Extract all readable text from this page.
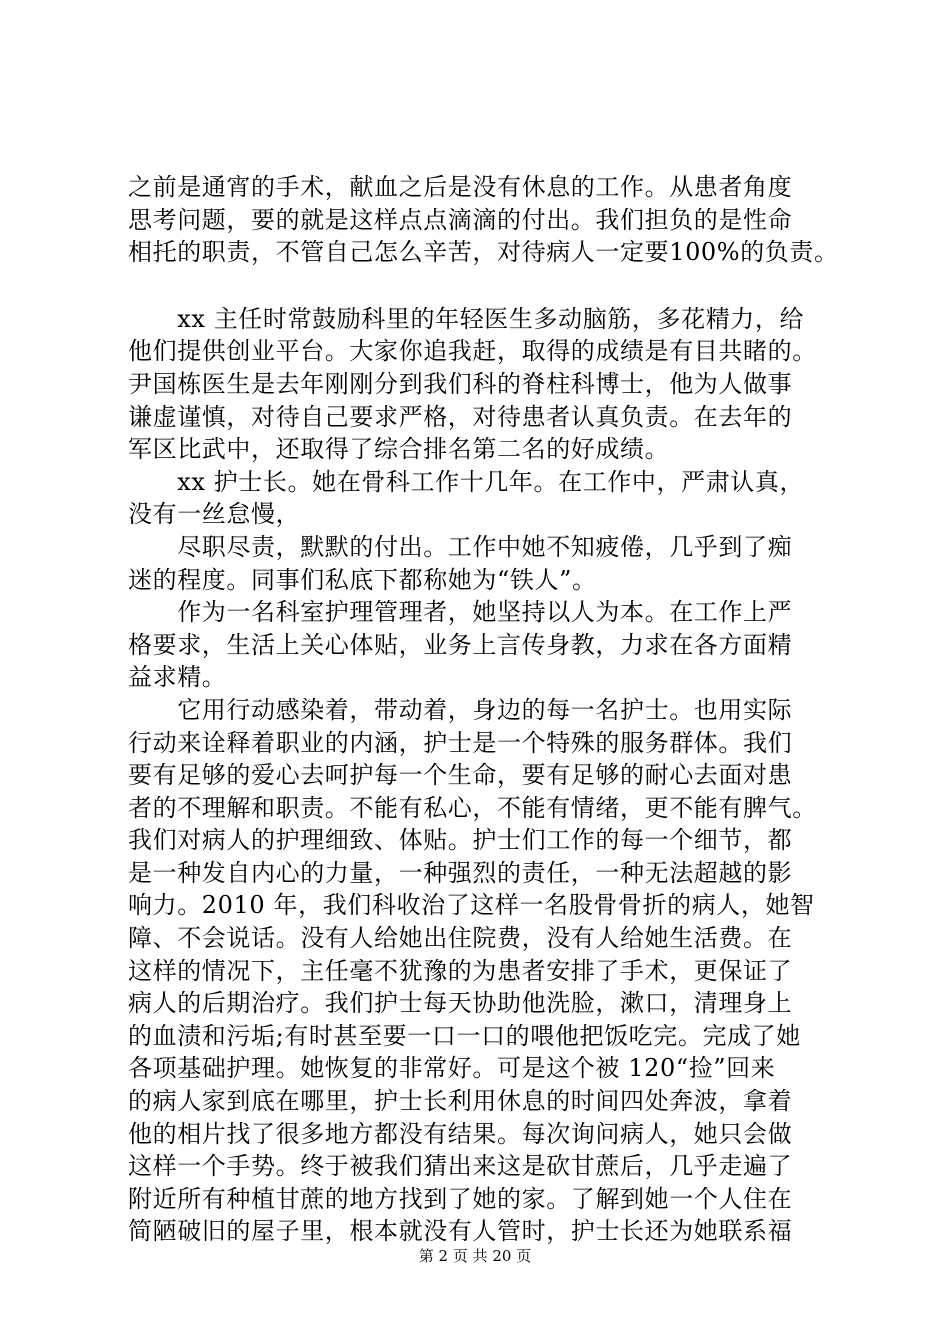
之前是通宵的手术，献血之后是没有休息的工作。从患者角度
思考问题，要的就是这样点点滴滴的付出。我们担负的是性命
相托的职责，不管自己怎么辛苦，对待病人一定要100%的负责。
　　xx 主任时常鼓励科里的年轻医生多动脑筋，多花精力，给
他们提供创业平台。大家你追我赶，取得的成绩是有目共睹的。
尹国栋医生是去年刚刚分到我们科的脊柱科博士，他为人做事
谦虚谨慎，对待自己要求严格，对待患者认真负责。在去年的
军区比武中，还取得了综合排名第二名的好成绩。
　　xx 护士长。她在骨科工作十几年。在工作中，严肃认真，
没有一丝怠慢，
　　尽职尽责，默默的付出。工作中她不知疲倦，几乎到了痴
迷的程度。同事们私底下都称她为“铁人”。
　　作为一名科室护理管理者，她坚持以人为本。在工作上严
格要求，生活上关心体贴，业务上言传身教，力求在各方面精
益求精。
　　它用行动感染着，带动着，身边的每一名护士。也用实际
行动来诠释着职业的内涵，护士是一个特殊的服务群体。我们
要有足够的爱心去呵护每一个生命，要有足够的耐心去面对患
者的不理解和职责。不能有私心，不能有情绪，更不能有脾气。
我们对病人的护理细致、体贴。护士们工作的每一个细节，都
是一种发自内心的力量，一种强烈的责任，一种无法超越的影
响力。2010 年，我们科收治了这样一名股骨骨折的病人，她智
障、不会说话。没有人给她出住院费，没有人给她生活费。在
这样的情况下，主任毫不犹豫的为患者安排了手术，更保证了
病人的后期治疗。我们护士每天协助他洗脸，漱口，清理身上
的血渍和污垢;有时甚至要一口一口的喂他把饭吃完。完成了她
各项基础护理。她恢复的非常好。可是这个被 120“捡”回来
的病人家到底在哪里，护士长利用休息的时间四处奔波，拿着
他的相片找了很多地方都没有结果。每次询问病人，她只会做
这样一个手势。终于被我们猜出来这是砍甘蔗后，几乎走遍了
附近所有种植甘蔗的地方找到了她的家。了解到她一个人住在
简陋破旧的屋子里，根本就没有人管时，护士长还为她联系福
第 2 页 共 20 页
